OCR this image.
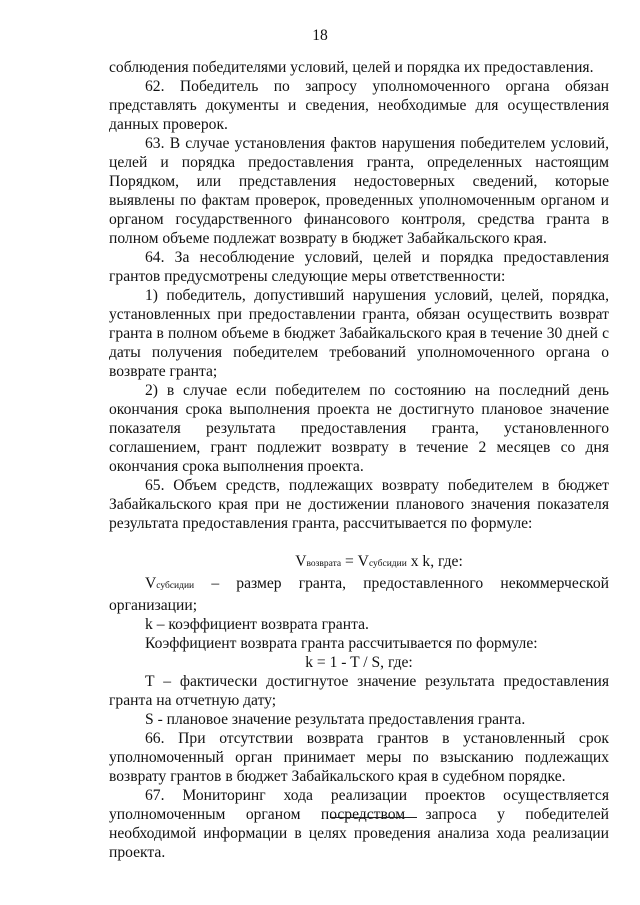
18

соблюдения победителями условий, целей и порядка их предоставления.

62. Победитель по запросу уполномоченного органа обязан представлять документы и сведения, необходимые для осуществления данных проверок.

63. В случае установления фактов нарушения победителем условий, целей и порядка предоставления гранта, определенных настоящим Порядком, или представления недостоверных сведений, которые выявлены по фактам проверок, проведенных уполномоченным органом и органом государственного финансового контроля, средства гранта в полном объеме подлежат возврату в бюджет Забайкальского края.

64. За несоблюдение условий, целей и порядка предоставления грантов предусмотрены следующие меры ответственности:

1) победитель, допустивший нарушения условий, целей, порядка, установленных при предоставлении гранта, обязан осуществить возврат гранта в полном объеме в бюджет Забайкальского края в течение 30 дней с даты получения победителем требований уполномоченного органа о возврате гранта;

2) в случае если победителем по состоянию на последний день окончания срока выполнения проекта не достигнуто плановое значение показателя результата предоставления гранта, установленного соглашением, грант подлежит возврату в течение 2 месяцев со дня окончания срока выполнения проекта.

65. Объем средств, подлежащих возврату победителем в бюджет Забайкальского края при не достижении планового значения показателя результата предоставления гранта, рассчитывается по формуле:

Vвозврата = Vсубсидии x k, где:

Vсубсидии – размер гранта, предоставленного некоммерческой организации;

k – коэффициент возврата гранта.

Коэффициент возврата гранта рассчитывается по формуле:

k = 1 - T / S, где:

Т – фактически достигнутое значение результата предоставления гранта на отчетную дату;

S - плановое значение результата предоставления гранта.

66. При отсутствии возврата грантов в установленный срок уполномоченный орган принимает меры по взысканию подлежащих возврату грантов в бюджет Забайкальского края в судебном порядке.

67. Мониторинг хода реализации проектов осуществляется уполномоченным органом посредством запроса у победителей необходимой информации в целях проведения анализа хода реализации проекта.
